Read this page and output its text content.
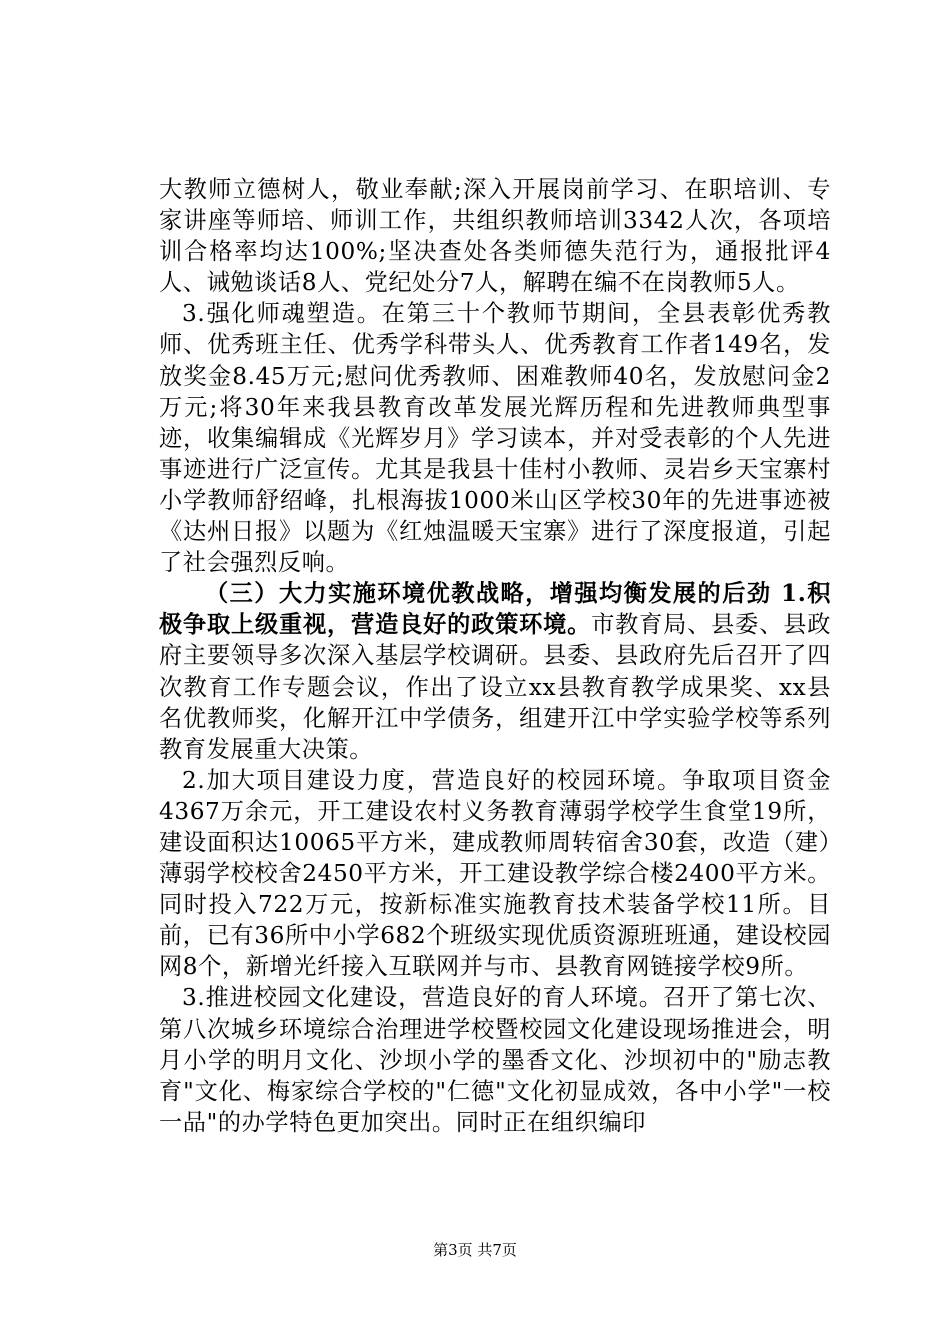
大教师立德树人，敬业奉献;深入开展岗前学习、在职培训、专家讲座等师培、师训工作，共组织教师培训3342人次，各项培训合格率均达100%;坚决查处各类师德失范行为，通报批评4人、诫勉谈话8人、党纪处分7人，解聘在编不在岗教师5人。

3.强化师魂塑造。在第三十个教师节期间，全县表彰优秀教师、优秀班主任、优秀学科带头人、优秀教育工作者149名，发放奖金8.45万元;慰问优秀教师、困难教师40名，发放慰问金2万元;将30年来我县教育改革发展光辉历程和先进教师典型事迹，收集编辑成《光辉岁月》学习读本，并对受表彰的个人先进事迹进行广泛宣传。尤其是我县十佳村小教师、灵岩乡天宝寨村小学教师舒绍峰，扎根海拔1000米山区学校30年的先进事迹被《达州日报》以题为《红烛温暖天宝寨》进行了深度报道，引起了社会强烈反响。

（三）大力实施环境优教战略，增强均衡发展的后劲 1.积极争取上级重视，营造良好的政策环境。市教育局、县委、县政府主要领导多次深入基层学校调研。县委、县政府先后召开了四次教育工作专题会议，作出了设立xx县教育教学成果奖、xx县名优教师奖，化解开江中学债务，组建开江中学实验学校等系列教育发展重大决策。

2.加大项目建设力度，营造良好的校园环境。争取项目资金4367万余元，开工建设农村义务教育薄弱学校学生食堂19所，建设面积达10065平方米，建成教师周转宿舍30套，改造（建）薄弱学校校舍2450平方米，开工建设教学综合楼2400平方米。同时投入722万元，按新标准实施教育技术装备学校11所。目前，已有36所中小学682个班级实现优质资源班班通，建设校园网8个，新增光纤接入互联网并与市、县教育网链接学校9所。

3.推进校园文化建设，营造良好的育人环境。召开了第七次、第八次城乡环境综合治理进学校暨校园文化建设现场推进会，明月小学的明月文化、沙坝小学的墨香文化、沙坝初中的"励志教育"文化、梅家综合学校的"仁德"文化初显成效，各中小学"一校一品"的办学特色更加突出。同时正在组织编印

第3页 共7页
